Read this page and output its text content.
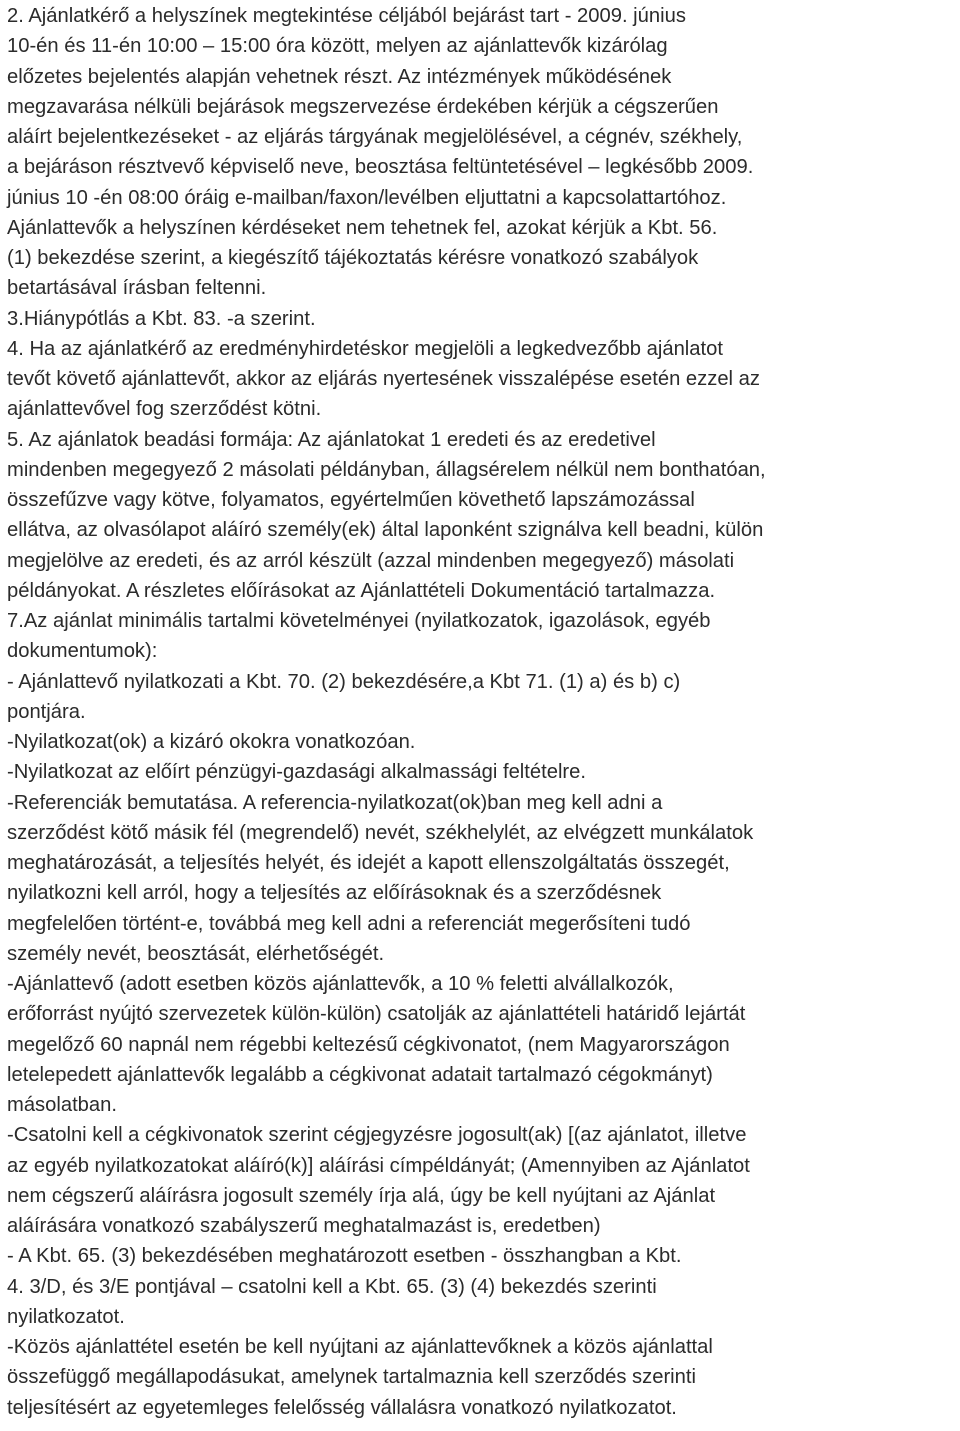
2. Ajánlatkérő a helyszínek megtekintése céljából bejárást tart - 2009. június
10-én és 11-én 10:00 – 15:00 óra között, melyen az ajánlattevők kizárólag
előzetes bejelentés alapján vehetnek részt. Az intézmények működésének
megzavarása nélküli bejárások megszervezése érdekében kérjük a cégszerűen
aláírt bejelentkezéseket - az eljárás tárgyának megjelölésével, a cégnév, székhely,
a bejáráson résztvevő képviselő neve, beosztása feltüntetésével – legkésőbb 2009.
június 10 -én 08:00 óráig e-mailban/faxon/levélben eljuttatni a kapcsolattartóhoz.
Ajánlattevők a helyszínen kérdéseket nem tehetnek fel, azokat kérjük a Kbt. 56.
(1) bekezdése szerint, a kiegészítő tájékoztatás kérésre vonatkozó szabályok
betartásával írásban feltenni.
3.Hiánypótlás a Kbt. 83. -a szerint.
4. Ha az ajánlatkérő az eredményhirdetéskor megjelöli a legkedvezőbb ajánlatot
tevőt követő ajánlattevőt, akkor az eljárás nyertesének visszalépése esetén ezzel az
ajánlattevővel fog szerződést kötni.
5. Az ajánlatok beadási formája: Az ajánlatokat 1 eredeti és az eredetivel
mindenben megegyező 2 másolati példányban, állagsérelem nélkül nem bonthatóan,
összefűzve vagy kötve, folyamatos, egyértelműen követhető lapszámozással
ellátva, az olvasólapot aláíró személy(ek) által laponként szignálva kell beadni, külön
megjelölve az eredeti, és az arról készült (azzal mindenben megegyező) másolati
példányokat. A részletes előírásokat az Ajánlattételi Dokumentáció tartalmazza.
7.Az ajánlat minimális tartalmi követelményei (nyilatkozatok, igazolások, egyéb
dokumentumok):
- Ajánlattevő nyilatkozati a Kbt. 70. (2) bekezdésére,a Kbt 71. (1) a) és b) c)
pontjára.
-Nyilatkozat(ok) a kizáró okokra vonatkozóan.
-Nyilatkozat az előírt pénzügyi-gazdasági alkalmassági feltételre.
-Referenciák bemutatása. A referencia-nyilatkozat(ok)ban meg kell adni a
szerződést kötő másik fél (megrendelő) nevét, székhelylét, az elvégzett munkálatok
meghatározását, a teljesítés helyét, és idejét a kapott ellenszolgáltatás összegét,
nyilatkozni kell arról, hogy a teljesítés az előírásoknak és a szerződésnek
megfelelően történt-e, továbbá meg kell adni a referenciát megerősíteni tudó
személy nevét, beosztását, elérhetőségét.
-Ajánlattevő (adott esetben közös ajánlattevők, a 10 % feletti alvállalkozók,
erőforrást nyújtó szervezetek külön-külön) csatolják az ajánlattételi határidő lejártát
megelőző 60 napnál nem régebbi keltezésű cégkivonatot, (nem Magyarországon
letelepedett ajánlattevők legalább a cégkivonat adatait tartalmazó cégokmányt)
másolatban.
-Csatolni kell a cégkivonatok szerint cégjegyzésre jogosult(ak) [(az ajánlatot, illetve
az egyéb nyilatkozatokat aláíró(k)] aláírási címpéldányát; (Amennyiben az Ajánlatot
nem cégszerű aláírásra jogosult személy írja alá, úgy be kell nyújtani az Ajánlat
aláírására vonatkozó szabályszerű meghatalmazást is, eredetben)
- A Kbt. 65. (3) bekezdésében meghatározott esetben - összhangban a Kbt.
4. 3/D, és 3/E pontjával – csatolni kell a Kbt. 65. (3) (4) bekezdés szerinti
nyilatkozatot.
-Közös ajánlattétel esetén be kell nyújtani az ajánlattevőknek a közös ajánlattal
összefüggő megállapodásukat, amelynek tartalmaznia kell szerződés szerinti
teljesítésért az egyetemleges felelősség vállalásra vonatkozó nyilatkozatot.
